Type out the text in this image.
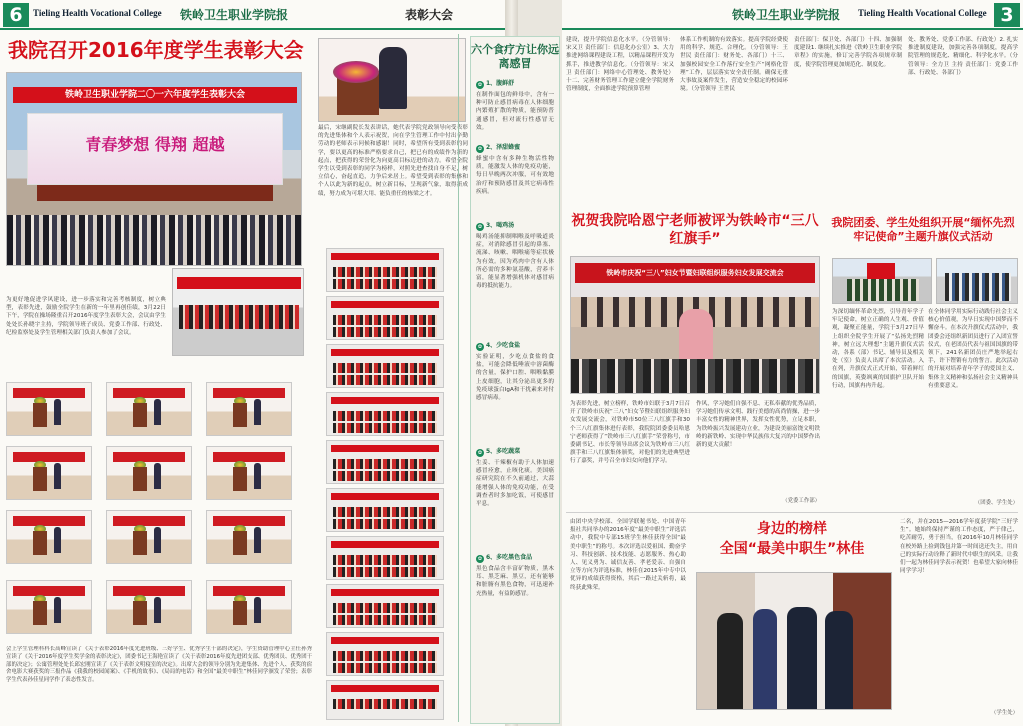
6	Tieling Health Vocational College 铁岭卫生职业学院报	表彰大会
我院召开2016年度学生表彰大会
铁岭卫生职业学院二〇一六年度学生表彰大会
青春梦想 得翔 超越
最后，宋继副院长发表讲话，她代表学院党政领导向受表彰的先进集体和个人表示祝贺，向在学生管理工作中付出辛勤劳动的老师表示问候和感谢！同时，希望所有受到表彰的同学，要以更高的标准严格要求自己，把已有的成绩作为新的起点，把获得的荣誉化为向更高目标迈进的动力。希望全院学生以受到表彰的同学为榜样，对照先进查找自身不足，树立信心，奋起直追，力争后来居上。希望受到表彰的集体和个人以此为新的起点，树立新目标，呈现新气象，取得新成绩，努力成为可堪大用、能负重任的栋梁之才。
为更好地促进学风建设，进一步落实和完善考核制度，树立典型，表彰先进，鼓励全院学生在新的一年里再创佳绩，3月22日下午，学院在操场隆重召开2016年度学生表彰大会，会议由学生处处长孙晓宇主持，学院领导班子成员、党委工作部、行政处、纪检监察处及学生管理相关部门负责人参加了会议。
会上学生管理科科长高峰宣读了《关于表彰2016年度先进班级、三好学生、优秀学生干部的决定》，学生资助管理中心主任孙秀宣读了《关于2016年度学生奖学金的表彰决定》，团委书记王海艳宣读了《关于表彰2016年度先进团支部、优秀团员、优秀团干部的决定》；公寓管理处处长邱宏刚宣读了《关于表彰文明寝室的决定》。出席大会的领导分别为先进集体、先进个人、获奖的宿舍电影大赛获奖的三报作品《我我的校园闻案》、《手机的故事》、《局局的电话》和全国“最美中职生”林佳同学颁发了荣誉；表彰学生代表孙佳星同学作了表态性发言。
六个食疗方让你远离感冒
✿ 1、腹鲜舒
在制作面包的鲜母中，含有一种可防止感冒病毒在人体细胞内繁殖扩散的物质，能预防普通感冒，但对流行性感冒无效。
✿ 2、泽甜蜂蜜
蜂蜜中含有多种生物活性物质，能激发人体的免疫功能，每日早晚两次冲服，可有效地治疗和预防感冒及其它病毒性疾病。
✿ 3、喝鸡汤
喝鸡汤能抑制咽喉及呼吸道炎症，对消除感冒引起的鼻塞、流涕、咳嗽、咽喉痛等症状极为有效。因为鸡肉中含有人体所必需的多种氨基酸，营养丰富，能显著增强机体对感冒病毒的抵抗能力。
✿ 4、少吃食盐
实验证明，少吃点食盐的食盐，可能会降低唾液中溶菌酶的含量，保护口腔、咽喉黏膜上皮细胞，让其分泌出更多的免疫球蛋白IgA和干扰素来对付感冒病毒。
✿ 5、多吃蔬菜
生姜、干辣椒有助于人体加速感冒痊愈，止咳化痰。美国癌症研究院在不久前通过，大蒜能增强人体的免疫功能，在受调查者时多加吃饭，可使感冒平息。
✿ 6、多吃黑色食品
黑色食品含丰富矿物质，黑木耳、黑芝麻、黑豆，还有能够和脏腑有黑色食物，可迅速补充热量，有益防感冒。
铁岭卫生职业学院报 Tieling Health Vocational College 3
建设，提升学院信息化水平。（分管领导：宋又卫 责任部门：信息化办公室）3、大力推进网络课程建设工程，以精品课程开发为抓手，推进教学信息化。（分管领导：宋又卫 责任部门：网络中心管理处、教务处）十二、完善财务管理工作建立健全学院财务管理制度，全面推进学院预算管理
体系工作机制的有效落实。提高学院经费使用的科学、规范、合理化。（分管领导：王世民 责任部门：财务处、各部门）十三、加强校园安全工作落行安全生产“网格化管理”工作，层层落实安全责任制。确保无重大事故及案件发生，营造安全稳定的校园环境。（分管领导 王世民
责任部门：保卫处、各部门）十四、加强制度建设1. 继续扎实推进《铁岭卫生职业学院章程》的实施，修订完善学院各项规章制度，使学院管理更加规范化、制度化。
处、教务处、党委工作部、行政处）2. 扎实推进制度建设，加强完善各项制度，提高学院管理的规范化、精细化、科学化水平。（分管领导：全力卫 主持 责任部门：党委工作部、行政处、各部门）
祝贺我院哈恩宁老师被评为铁岭市“三八红旗手”
铁岭市庆祝“三八”妇女节暨妇联组织服务妇女发展交流会
为表彰先进，树立榜样，铁岭市妇联于3月7日召开了铁岭市庆祝“三八”妇女节暨妇联组织服务妇女发展交流会，对铁岭市50位三八红旗手和30个三八红旗集体进行表彰，我院院团委委员哈恩宁老师获得了“铁岭市三八红旗手”荣誉称号，市委副书记、市长等领导出席会议为铁岭市三八红旗手和三八红旗集体颁奖，对他们的先进典型进行了嘉奖，并号召全市妇女向他们学习。
作风，学习她们自强不息、无私奉献的优秀品质，学习她们传承文明、践行美德的高尚情操，进一步丰富女性的精神世界，发挥女性优势，立足本职，为铁岭振兴发展建功立业，为建设美丽富饶文明铁岭的新铁岭、实现中华民族伟大复兴的中国梦作出新的更大贡献！
（党委工作部）
我院团委、学生处组织开展“缅怀先烈 牢记使命”主题升旗仪式活动
为深切缅怀革命先烈，引导青年学子牢记使命，树立正确的人生观、价值观，凝聚正能量，学院于3月27日早上组织全院学生开展了“弘扬先烈精神，树立远大理想”主题升旗仪式活动，各系（部）书记、辅导员及相关处（室）负责人出席了本次活动。入在列，升旗仪式正式开始，带着鲜红的国旗，英姿飒爽的国旗护卫队开始行动，国旗冉冉升起。
在全体同学用实际行动践行社会主义核心价值观，为早日实现中国梦而不懈奋斗。在本次升旗仪式活动中，我团委会还组织新团员进行了入团宣誓仪式，在老团员代表与祖国国旗的带领下，241名新团员庄严地举起右手，许下铿锵有力的誓言。此次活动的开展对培养青年学子的爱国主义、集体主义精神和弘扬社会主义精神具有重要意义。
（团委、学生处）
由团中央学校部、全国学联秘书处、中国青年报社共同举办的2016年度“最美中职生”评选活动中，我院中专部15班学生林佳获得全国“最美中职生”的称号。本次评选以爱祖国、勤奋学习、科技创新、技术技能、志愿服务、热心助人、见义勇为、诚信友善、孝老爱亲、自强自立等方向为评选标准，林佳在2015年中专中以优异的成绩获得资格，其后一路过关斩将，最终获此殊荣。
身边的榜样
全国“最美中职生”林佳
二名，并在2015—2016学年度获学院“三好学生”。她始终保持严谨的工作态度，严于律己，吃苦耐劳，勇于担当，在2016年10月林佳同学在校外路上捡到钱包并第一时间送还失主，用自己的实际行动诠释了新时代中职生的风采。让我们一起为林佳同学表示祝贺！也希望大家向林佳同学学习！
（学生处）
